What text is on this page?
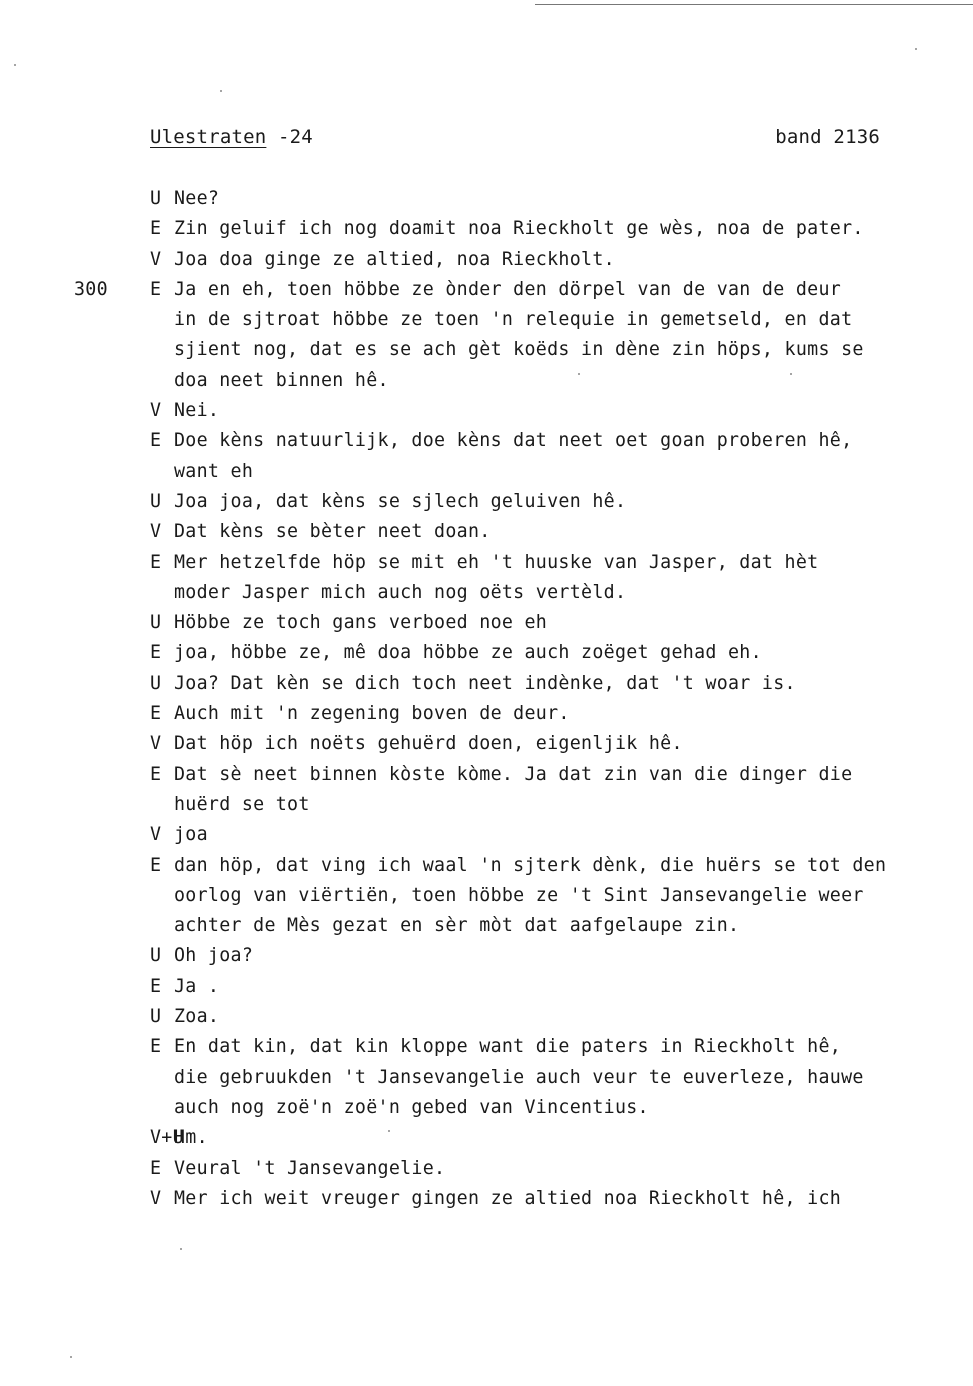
Ulestraten -24	band 2136
U Nee?
E Zin geluif ich nog doamit noa Rieckholt ge wès, noa de pater.
V Joa doa ginge ze altied, noa Rieckholt.
300 E Ja en eh, toen höbbe ze ònder den dörpel van de van de deur
in de sjtroat höbbe ze toen 'n relequie in gemetseld, en dat
sjient nog, dat es se ach gèt koëds in dène zin höps, kums se
doa neet binnen hê.
V Nei.
E Doe kèns natuurlijk, doe kèns dat neet oet goan proberen hê,
want eh
U Joa joa, dat kèns se sjlech geluiven hê.
V Dat kèns se bèter neet doan.
E Mer hetzelfde höp se mit eh 't huuske van Jasper, dat hèt
moder Jasper mich auch nog oëts vertèld.
U Höbbe ze toch gans verboed noe eh
E joa, höbbe ze, mê doa höbbe ze auch zoëget gehad eh.
U Joa? Dat kèn se dich toch neet indènke, dat 't woar is.
E Auch mit 'n zegening boven de deur.
V Dat höp ich noëts gehuërd doen, eigenljik hê.
E Dat sè neet binnen kòste kòme. Ja dat zin van die dinger die
huërd se tot
V joa
E dan höp, dat ving ich waal 'n sjterk dènk, die huërs se tot den
oorlog van viërtiën, toen höbbe ze 't Sint Jansevangelie weer
achter de Mès gezat en sèr mòt dat aafgelaupe zin.
U Oh joa?
E Ja .
U Zoa.
E En dat kin, dat kin kloppe want die paters in Rieckholt hê,
die gebruukden 't Jansevangelie auch veur te euverleze, hauwe
auch nog zoë'n zoë'n gebed van Vincentius.
V+U
Hm.
E Veural 't Jansevangelie.
V Mer ich weit vreuger gingen ze altied noa Rieckholt hê, ich
